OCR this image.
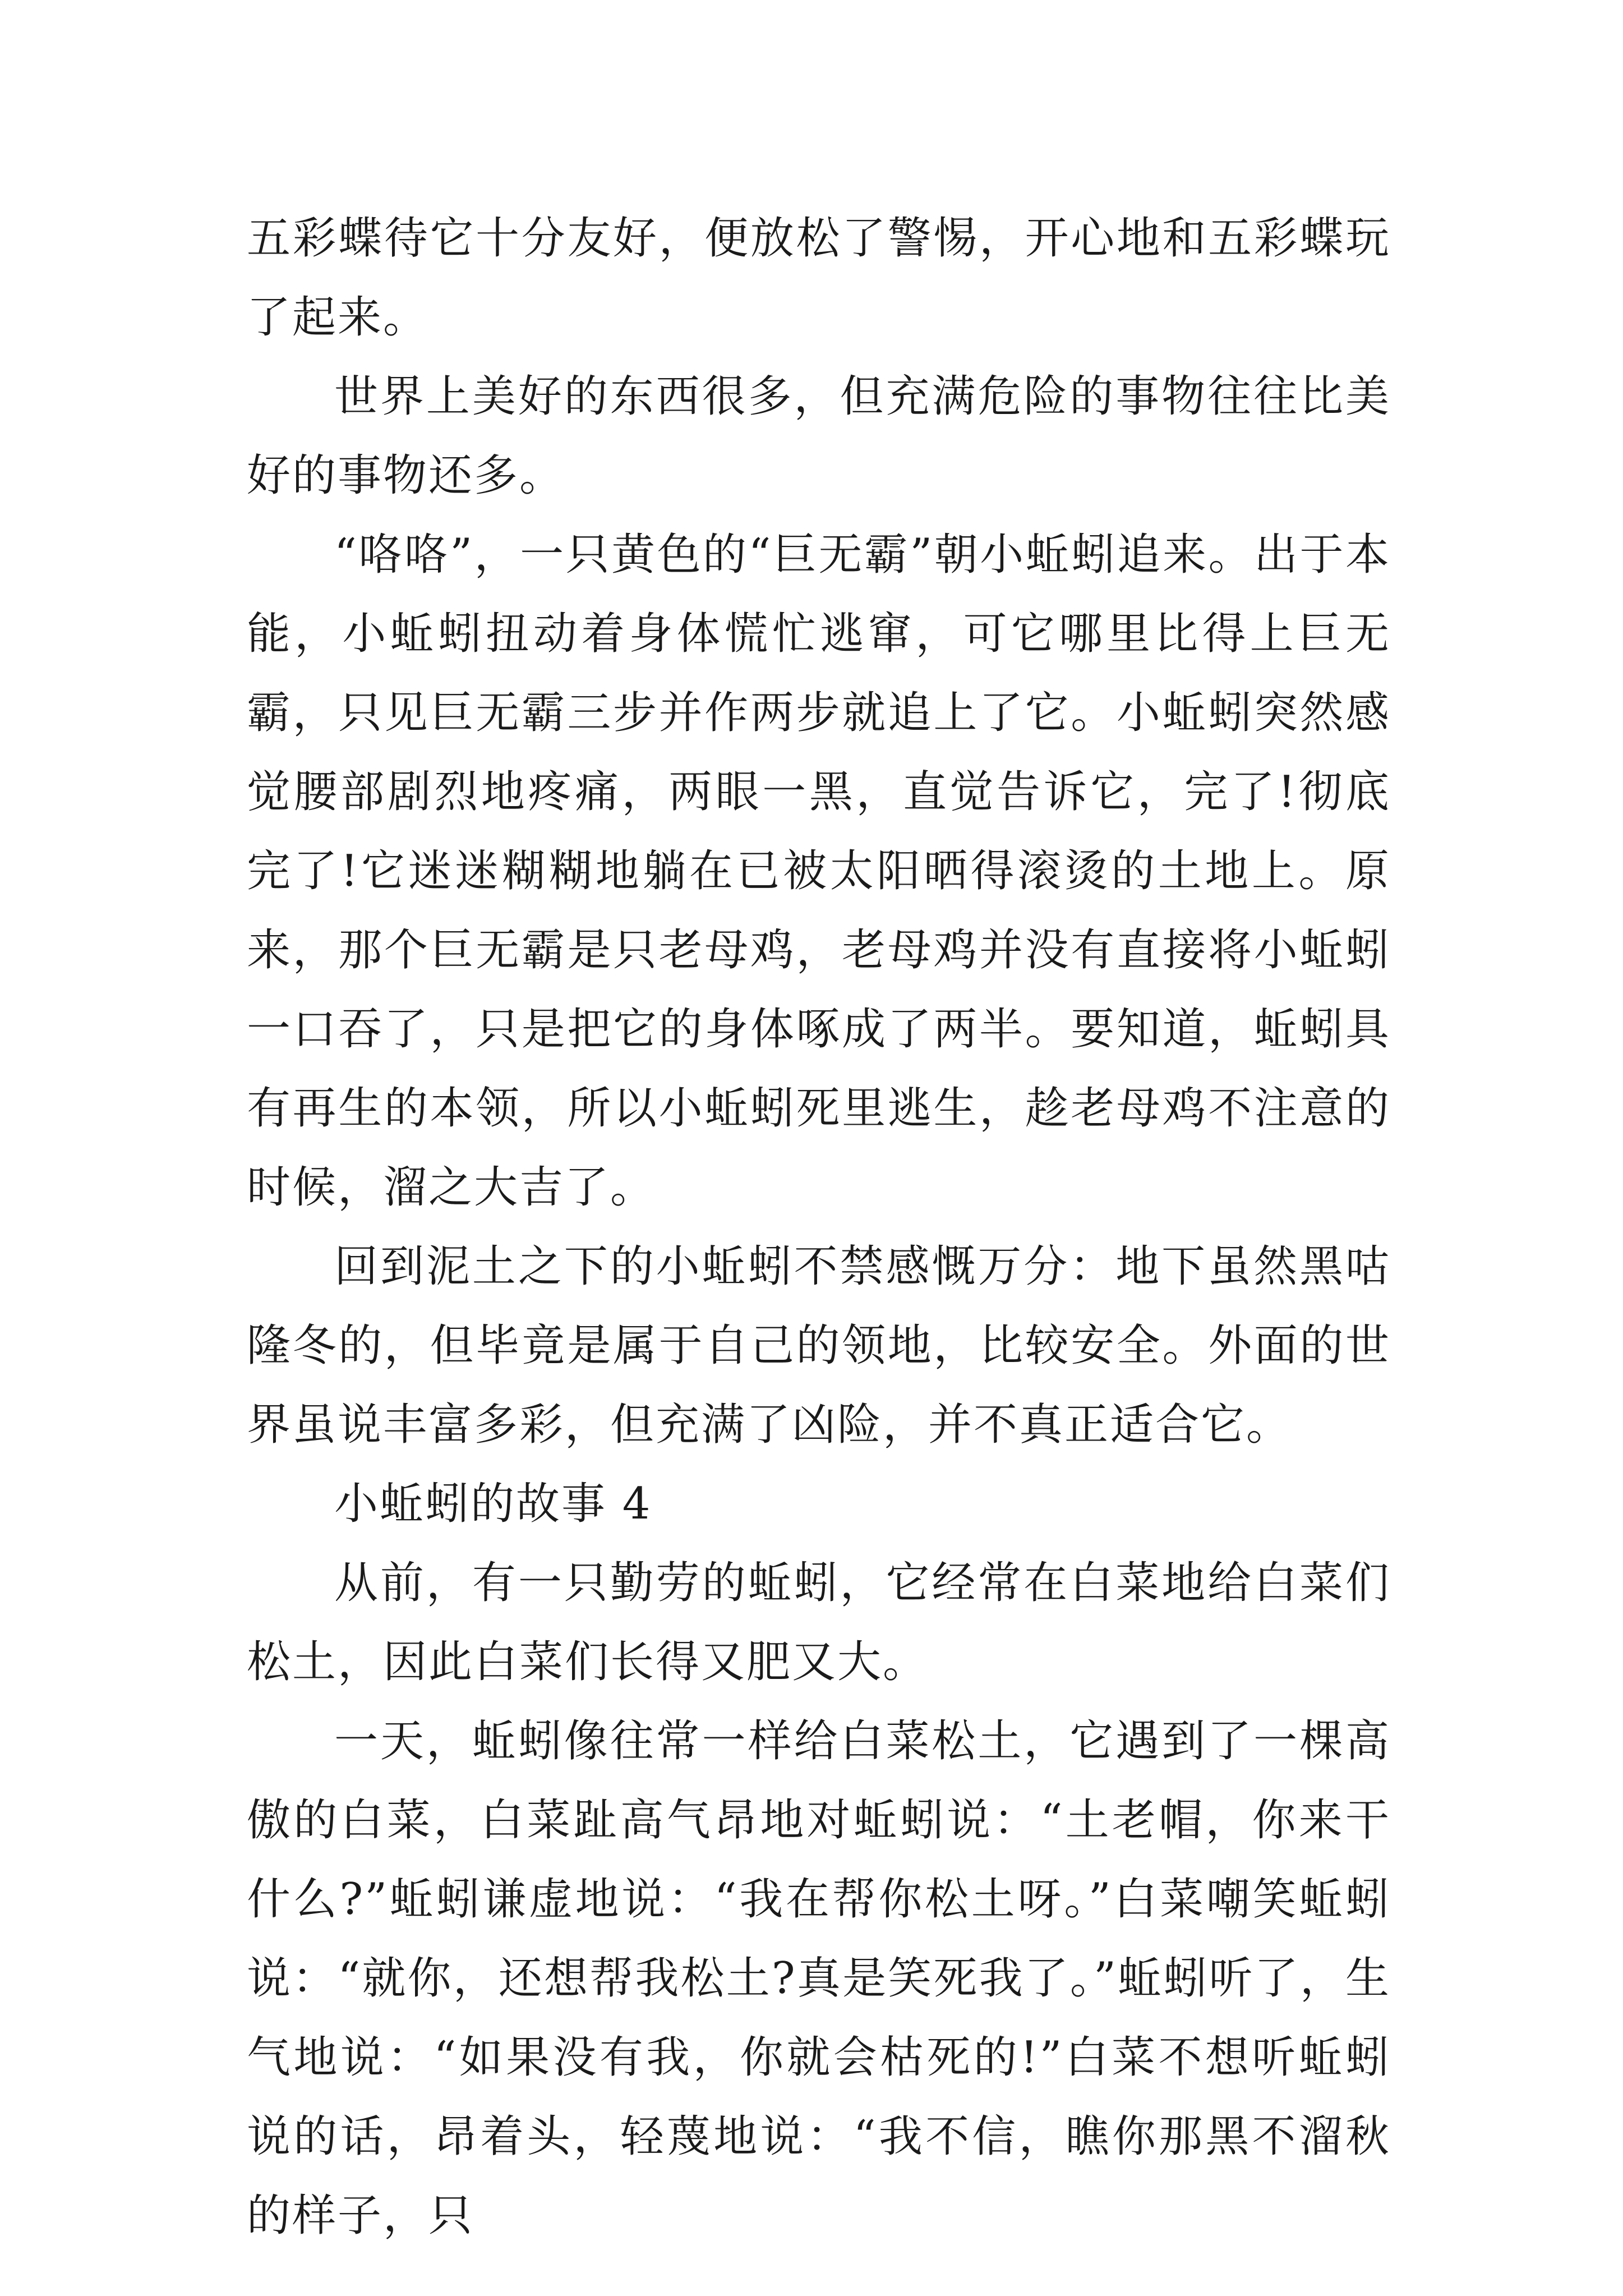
五彩蝶待它十分友好，便放松了警惕，开心地和五彩蝶玩了起来。

世界上美好的东西很多，但充满危险的事物往往比美好的事物还多。

“咯咯”，一只黄色的“巨无霸”朝小蚯蚓追来。出于本能，小蚯蚓扭动着身体慌忙逃窜，可它哪里比得上巨无霸，只见巨无霸三步并作两步就追上了它。小蚯蚓突然感觉腰部剧烈地疼痛，两眼一黑，直觉告诉它，完了!彻底完了!它迷迷糊糊地躺在已被太阳晒得滚烫的土地上。原来，那个巨无霸是只老母鸡，老母鸡并没有直接将小蚯蚓一口吞了，只是把它的身体啄成了两半。要知道，蚯蚓具有再生的本领，所以小蚯蚓死里逃生，趁老母鸡不注意的时候，溜之大吉了。

回到泥土之下的小蚯蚓不禁感慨万分：地下虽然黑咕隆冬的，但毕竟是属于自己的领地，比较安全。外面的世界虽说丰富多彩，但充满了凶险，并不真正适合它。

小蚯蚓的故事 4

从前，有一只勤劳的蚯蚓，它经常在白菜地给白菜们松土，因此白菜们长得又肥又大。

一天，蚯蚓像往常一样给白菜松土，它遇到了一棵高傲的白菜，白菜趾高气昂地对蚯蚓说：“土老帽，你来干什么?”蚯蚓谦虚地说：“我在帮你松土呀。”白菜嘲笑蚯蚓说：“就你，还想帮我松土?真是笑死我了。”蚯蚓听了，生气地说：“如果没有我，你就会枯死的!”白菜不想听蚯蚓说的话，昂着头，轻蔑地说：“我不信，瞧你那黑不溜秋的样子，只
